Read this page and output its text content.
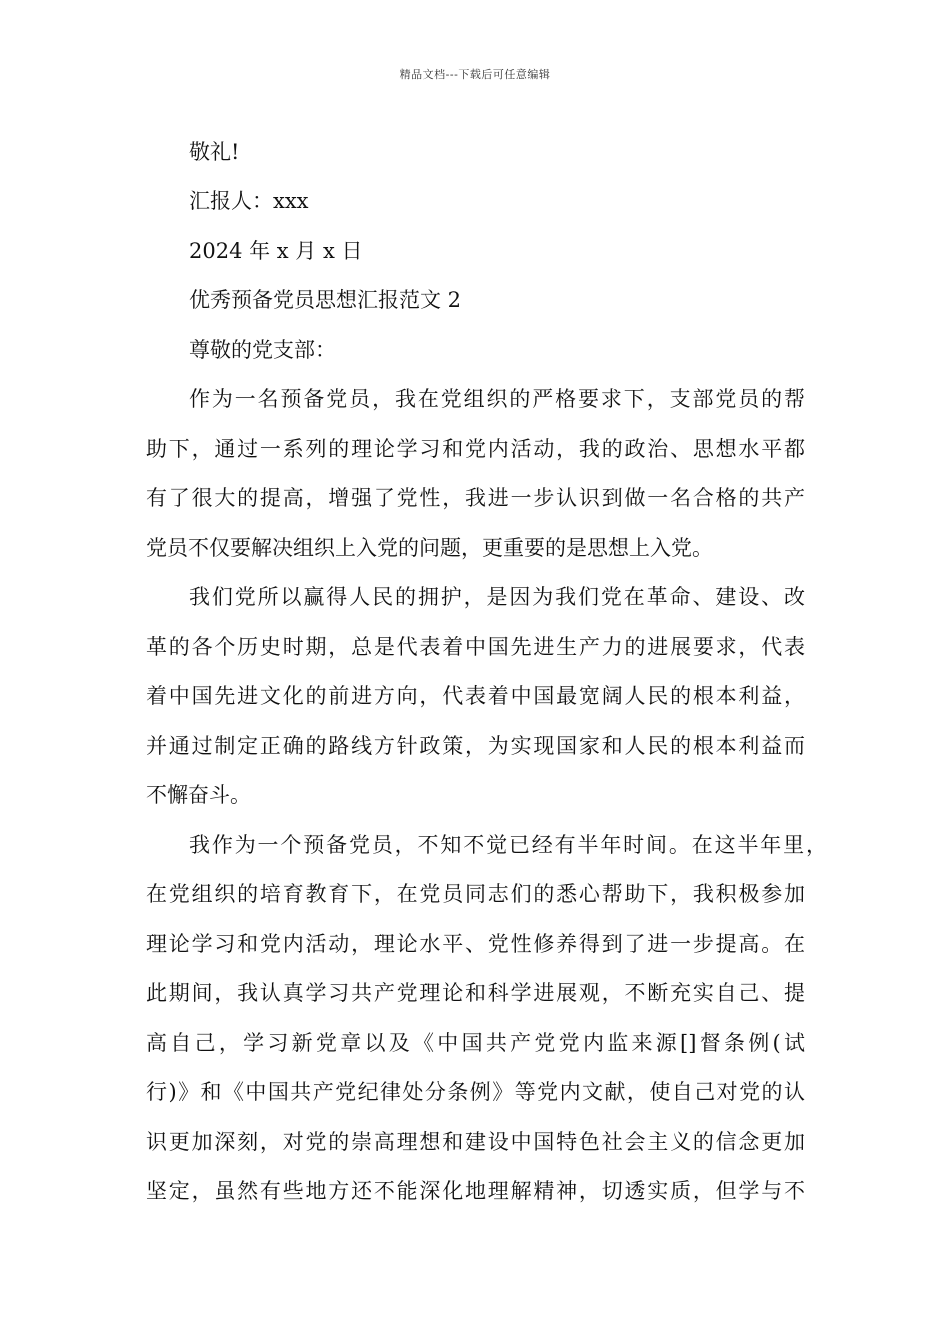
精品文档---下载后可任意编辑
敬礼!
汇报人：xxx
2024 年 x 月 x 日
优秀预备党员思想汇报范文 2
尊敬的党支部：
作为一名预备党员，我在党组织的严格要求下，支部党员的帮
助下，通过一系列的理论学习和党内活动，我的政治、思想水平都
有了很大的提高，增强了党性，我进一步认识到做一名合格的共产
党员不仅要解决组织上入党的问题，更重要的是思想上入党。
我们党所以赢得人民的拥护，是因为我们党在革命、建设、改
革的各个历史时期，总是代表着中国先进生产力的进展要求，代表
着中国先进文化的前进方向，代表着中国最宽阔人民的根本利益，
并通过制定正确的路线方针政策，为实现国家和人民的根本利益而
不懈奋斗。
我作为一个预备党员，不知不觉已经有半年时间。在这半年里，
在党组织的培育教育下，在党员同志们的悉心帮助下，我积极参加
理论学习和党内活动，理论水平、党性修养得到了进一步提高。在
此期间，我认真学习共产党理论和科学进展观，不断充实自己、提
高自己，学习新党章以及《中国共产党党内监来源[]督条例(试
行)》和《中国共产党纪律处分条例》等党内文献，使自己对党的认
识更加深刻，对党的崇高理想和建设中国特色社会主义的信念更加
坚定，虽然有些地方还不能深化地理解精神，切透实质，但学与不
